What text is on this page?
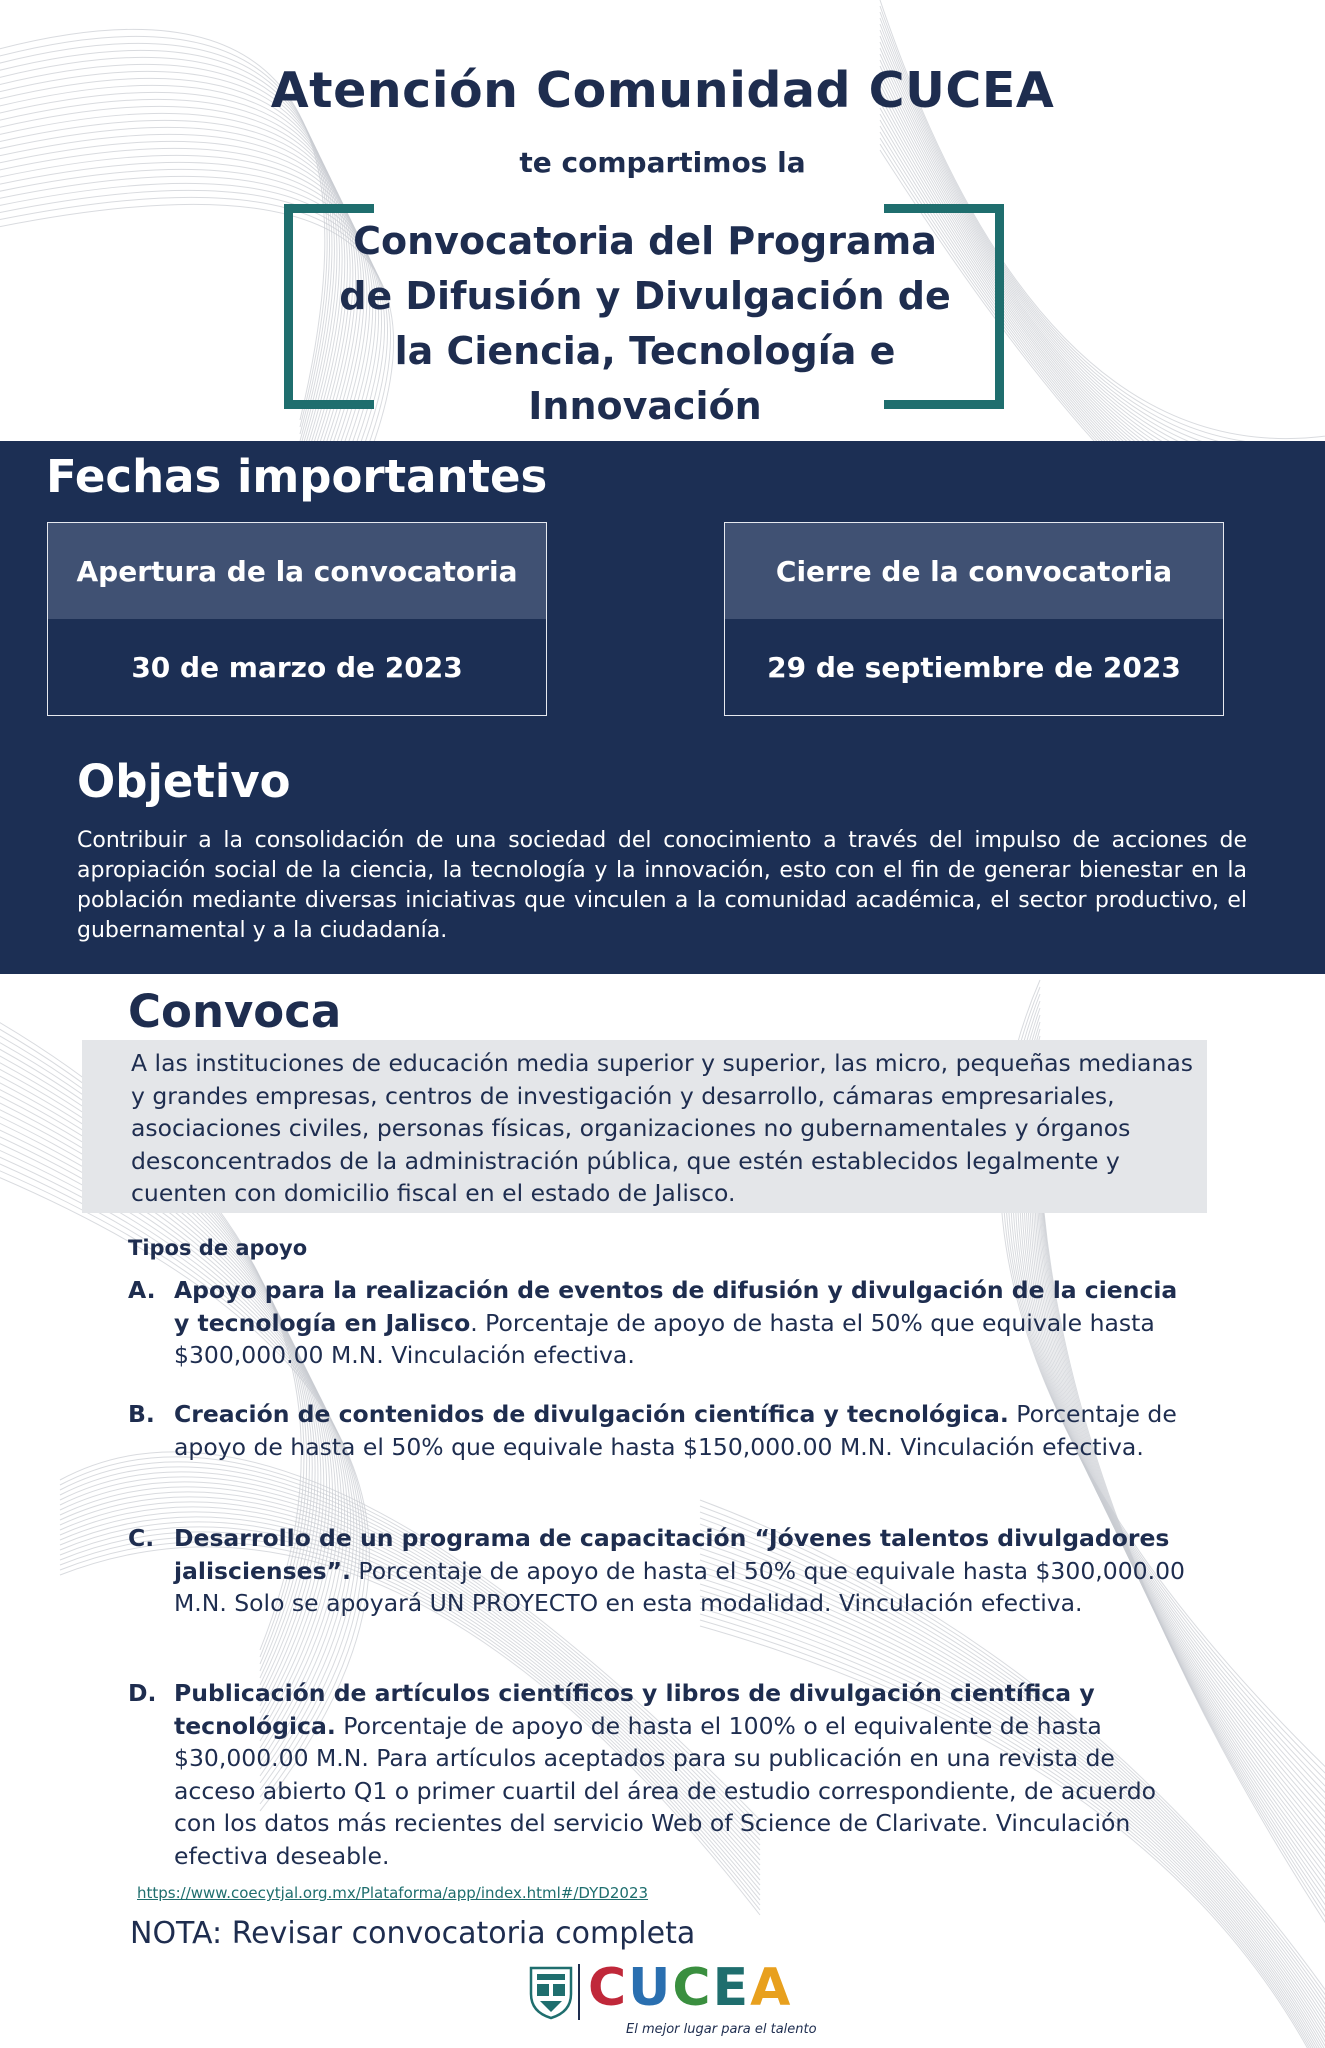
Atención Comunidad CUCEA
te compartimos la
Convocatoria del Programa
de Difusión y Divulgación de
la Ciencia, Tecnología e
Innovación
Fechas importantes
Apertura de la convocatoria
30 de marzo de 2023
Cierre de la convocatoria
29 de septiembre de 2023
Objetivo
Contribuir a la consolidación de una sociedad del conocimiento a través del impulso de acciones de apropiación social de la ciencia, la tecnología y la innovación, esto con el fin de generar bienestar en la población mediante diversas iniciativas que vinculen a la comunidad académica, el sector productivo, el gubernamental y a la ciudadanía.
Convoca
A las instituciones de educación media superior y superior, las micro, pequeñas medianas y grandes empresas, centros de investigación y desarrollo, cámaras empresariales, asociaciones civiles, personas físicas, organizaciones no gubernamentales y órganos desconcentrados de la administración pública, que estén establecidos legalmente y cuenten con domicilio fiscal en el estado de Jalisco.
Tipos de apoyo
A. Apoyo para la realización de eventos de difusión y divulgación de la ciencia y tecnología en Jalisco. Porcentaje de apoyo de hasta el 50% que equivale hasta $300,000.00 M.N. Vinculación efectiva.
B. Creación de contenidos de divulgación científica y tecnológica. Porcentaje de apoyo de hasta el 50% que equivale hasta $150,000.00 M.N. Vinculación efectiva.
C. Desarrollo de un programa de capacitación “Jóvenes talentos divulgadores jaliscienses”. Porcentaje de apoyo de hasta el 50% que equivale hasta $300,000.00 M.N. Solo se apoyará UN PROYECTO en esta modalidad. Vinculación efectiva.
D. Publicación de artículos científicos y libros de divulgación científica y tecnológica. Porcentaje de apoyo de hasta el 100% o el equivalente de hasta $30,000.00 M.N. Para artículos aceptados para su publicación en una revista de acceso abierto Q1 o primer cuartil del área de estudio correspondiente, de acuerdo con los datos más recientes del servicio Web of Science de Clarivate. Vinculación efectiva deseable.
https://www.coecytjal.org.mx/Plataforma/app/index.html#/DYD2023
NOTA: Revisar convocatoria completa
CUCEA
El mejor lugar para el talento
